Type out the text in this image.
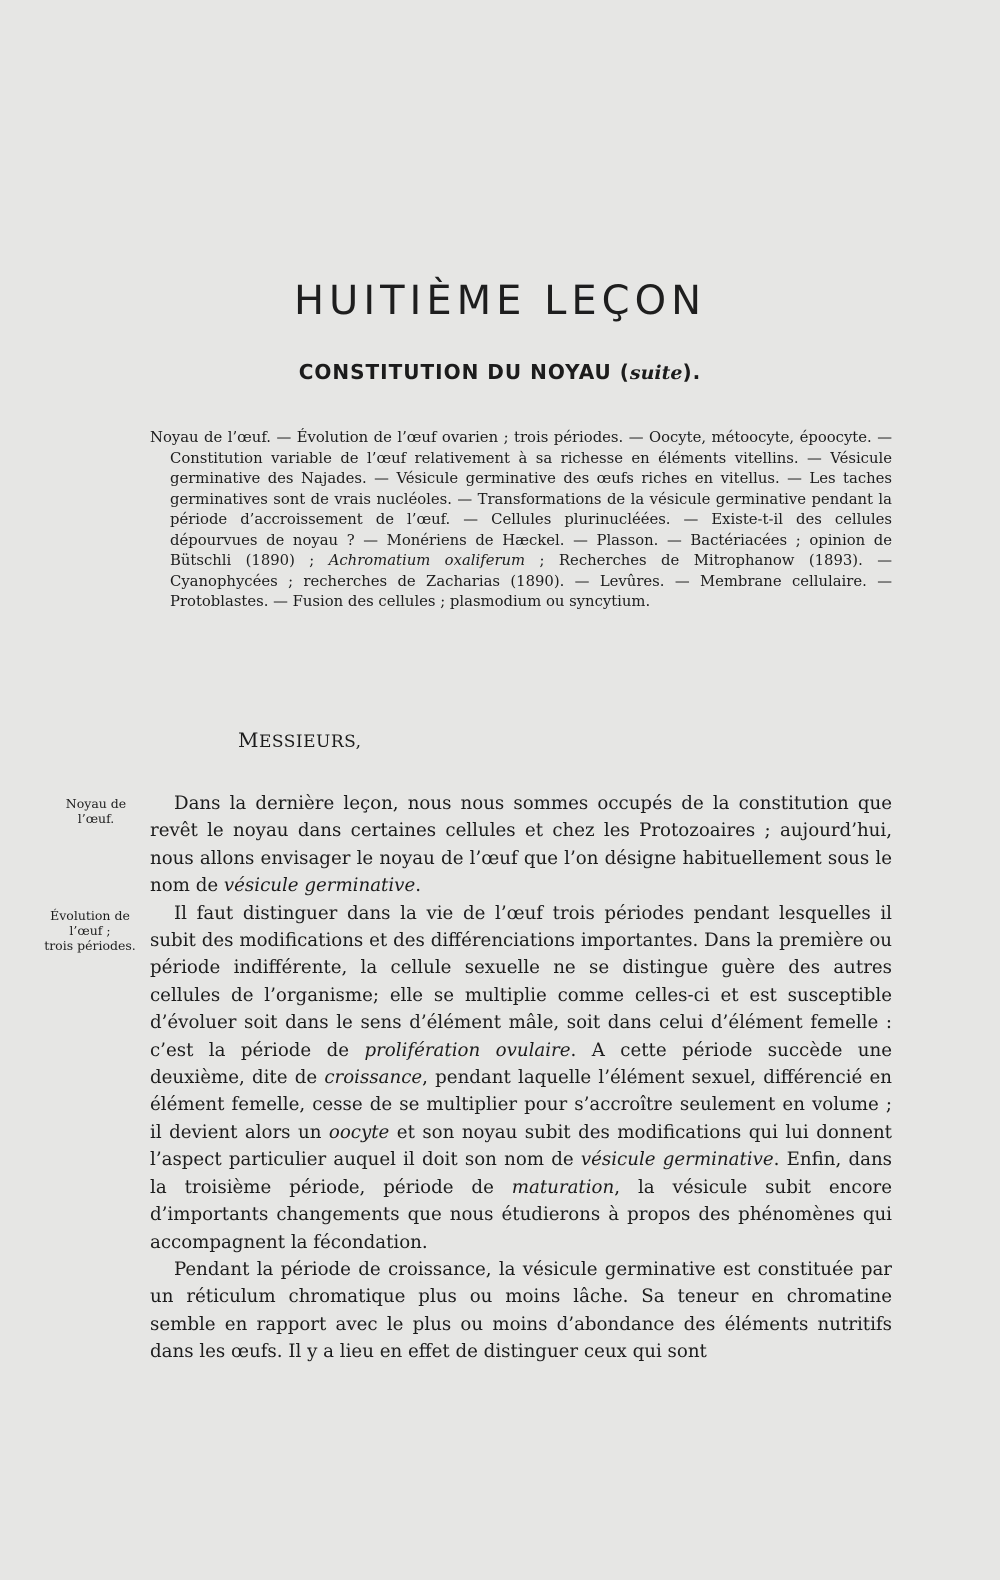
HUITIÈME LEÇON
CONSTITUTION DU NOYAU (suite).

Noyau de l’œuf. — Évolution de l’œuf ovarien ; trois périodes. — Oocyte, métoocyte, époocyte. — Constitution variable de l’œuf relativement à sa richesse en éléments vitellins. — Vésicule germinative des Najades. — Vésicule germinative des œufs riches en vitellus. — Les taches germinatives sont de vrais nucléoles. — Transformations de la vésicule germinative pendant la période d’accroissement de l’œuf. — Cellules plurinucléées. — Existe-t-il des cellules dépourvues de noyau ? — Monériens de Hæckel. — Plasson. — Bactériacées ; opinion de Bütschli (1890) ; Achromatium oxaliferum ; Recherches de Mitrophanow (1893). — Cyanophycées ; recherches de Zacharias (1890). — Levûres. — Membrane cellulaire. — Protoblastes. — Fusion des cellules ; plasmodium ou syncytium.

MESSIEURS,

Noyau de
l’œuf.
Évolution de
l’œuf ;
trois périodes.

Dans la dernière leçon, nous nous sommes occupés de la constitution que revêt le noyau dans certaines cellules et chez les Protozoaires ; aujourd’hui, nous allons envisager le noyau de l’œuf que l’on désigne habituellement sous le nom de vésicule germinative.

Il faut distinguer dans la vie de l’œuf trois périodes pendant lesquelles il subit des modifications et des différenciations importantes. Dans la première ou période indifférente, la cellule sexuelle ne se distingue guère des autres cellules de l’organisme; elle se multiplie comme celles-ci et est susceptible d’évoluer soit dans le sens d’élément mâle, soit dans celui d’élément femelle : c’est la période de prolifération ovulaire. A cette période succède une deuxième, dite de croissance, pendant laquelle l’élément sexuel, différencié en élément femelle, cesse de se multiplier pour s’accroître seulement en volume ; il devient alors un oocyte et son noyau subit des modifications qui lui donnent l’aspect particulier auquel il doit son nom de vésicule germinative. Enfin, dans la troisième période, période de maturation, la vésicule subit encore d’importants changements que nous étudierons à propos des phénomènes qui accompagnent la fécondation.

Pendant la période de croissance, la vésicule germinative est constituée par un réticulum chromatique plus ou moins lâche. Sa teneur en chromatine semble en rapport avec le plus ou moins d’abondance des éléments nutritifs dans les œufs. Il y a lieu en effet de distinguer ceux qui sont
